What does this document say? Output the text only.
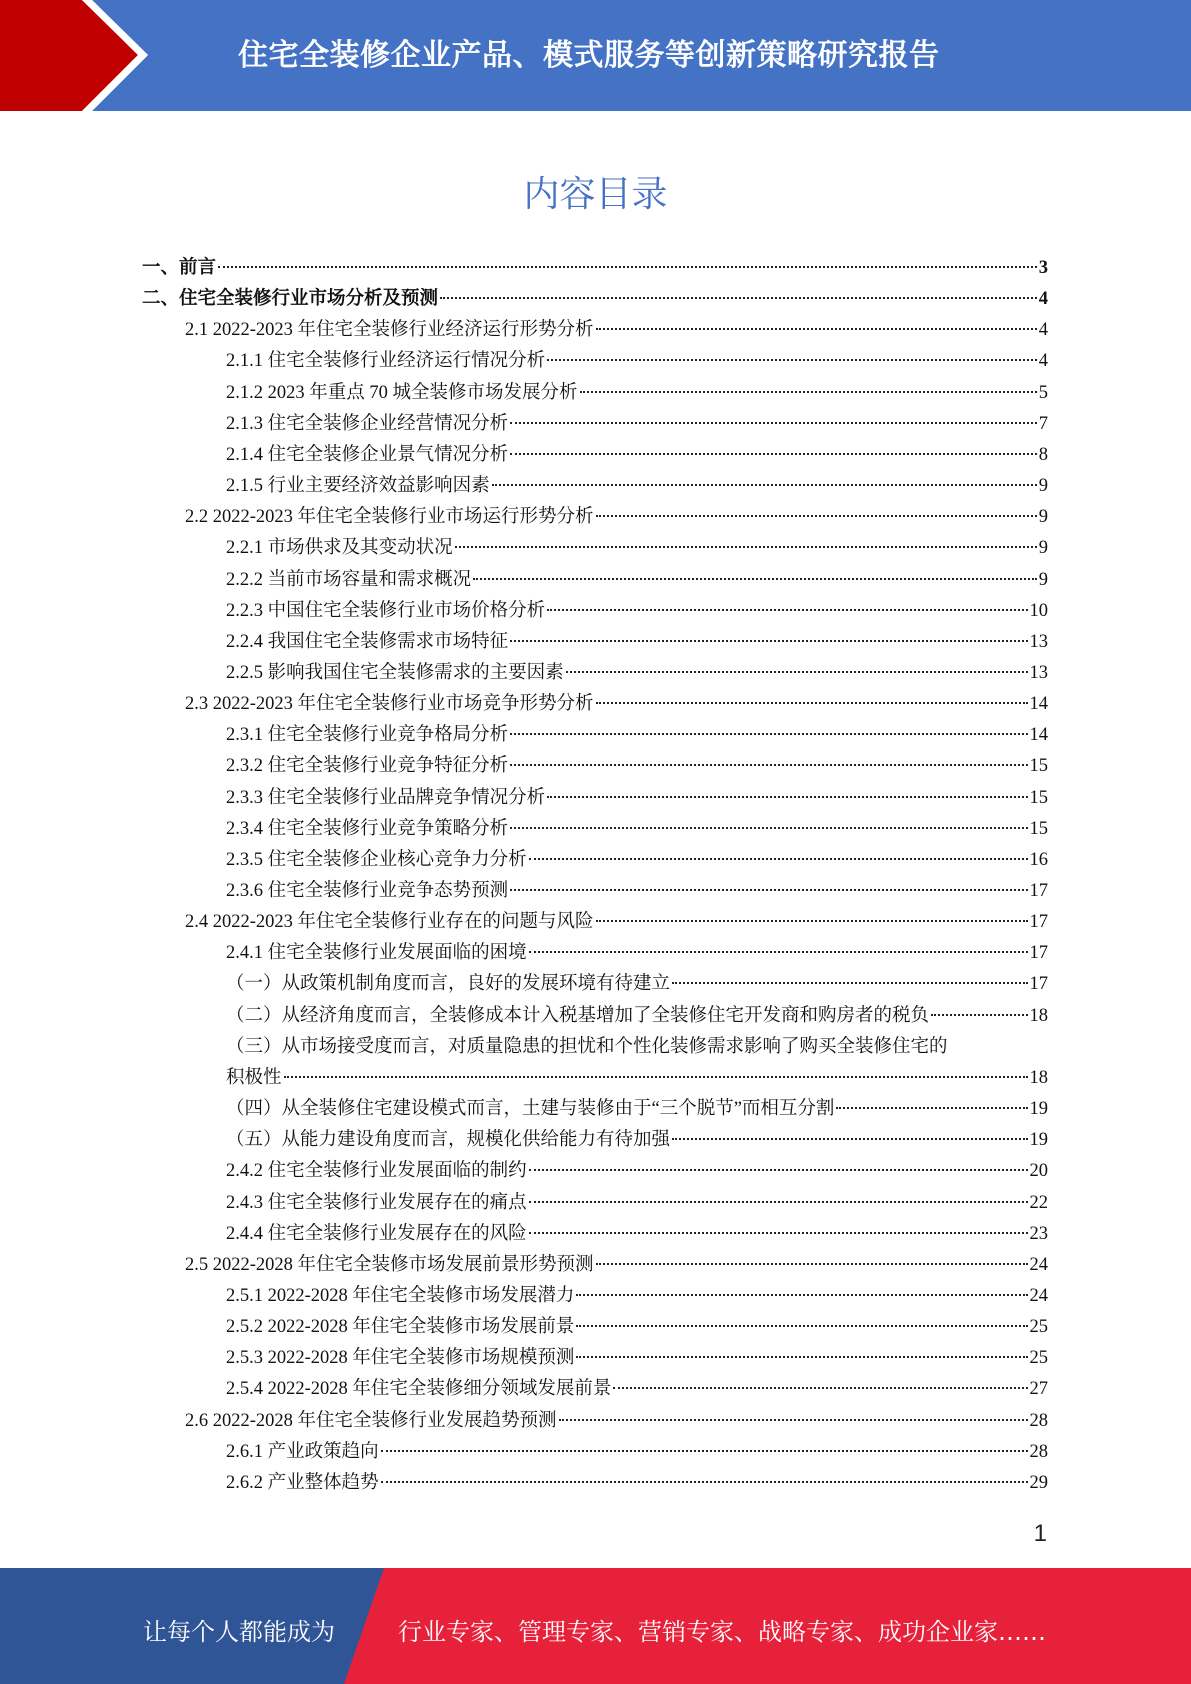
住宅全装修企业产品、模式服务等创新策略研究报告
内容目录
一、前言	3
二、住宅全装修行业市场分析及预测	4
2.1 2022-2023 年住宅全装修行业经济运行形势分析	4
2.1.1 住宅全装修行业经济运行情况分析	4
2.1.2 2023 年重点 70 城全装修市场发展分析	5
2.1.3 住宅全装修企业经营情况分析	7
2.1.4 住宅全装修企业景气情况分析	8
2.1.5 行业主要经济效益影响因素	9
2.2 2022-2023 年住宅全装修行业市场运行形势分析	9
2.2.1 市场供求及其变动状况	9
2.2.2 当前市场容量和需求概况	9
2.2.3 中国住宅全装修行业市场价格分析	10
2.2.4 我国住宅全装修需求市场特征	13
2.2.5 影响我国住宅全装修需求的主要因素	13
2.3 2022-2023 年住宅全装修行业市场竞争形势分析	14
2.3.1 住宅全装修行业竞争格局分析	14
2.3.2 住宅全装修行业竞争特征分析	15
2.3.3 住宅全装修行业品牌竞争情况分析	15
2.3.4 住宅全装修行业竞争策略分析	15
2.3.5 住宅全装修企业核心竞争力分析	16
2.3.6 住宅全装修行业竞争态势预测	17
2.4 2022-2023 年住宅全装修行业存在的问题与风险	17
2.4.1 住宅全装修行业发展面临的困境	17
（一）从政策机制角度而言，良好的发展环境有待建立	17
（二）从经济角度而言，全装修成本计入税基增加了全装修住宅开发商和购房者的税负	18
（三）从市场接受度而言，对质量隐患的担忧和个性化装修需求影响了购买全装修住宅的
积极性	18
（四）从全装修住宅建设模式而言，土建与装修由于“三个脱节”而相互分割	19
（五）从能力建设角度而言，规模化供给能力有待加强	19
2.4.2 住宅全装修行业发展面临的制约	20
2.4.3 住宅全装修行业发展存在的痛点	22
2.4.4 住宅全装修行业发展存在的风险	23
2.5 2022-2028 年住宅全装修市场发展前景形势预测	24
2.5.1 2022-2028 年住宅全装修市场发展潜力	24
2.5.2 2022-2028 年住宅全装修市场发展前景	25
2.5.3 2022-2028 年住宅全装修市场规模预测	25
2.5.4 2022-2028 年住宅全装修细分领域发展前景	27
2.6 2022-2028 年住宅全装修行业发展趋势预测	28
2.6.1 产业政策趋向	28
2.6.2 产业整体趋势	29
1
让每个人都能成为	行业专家、管理专家、营销专家、战略专家、成功企业家……
